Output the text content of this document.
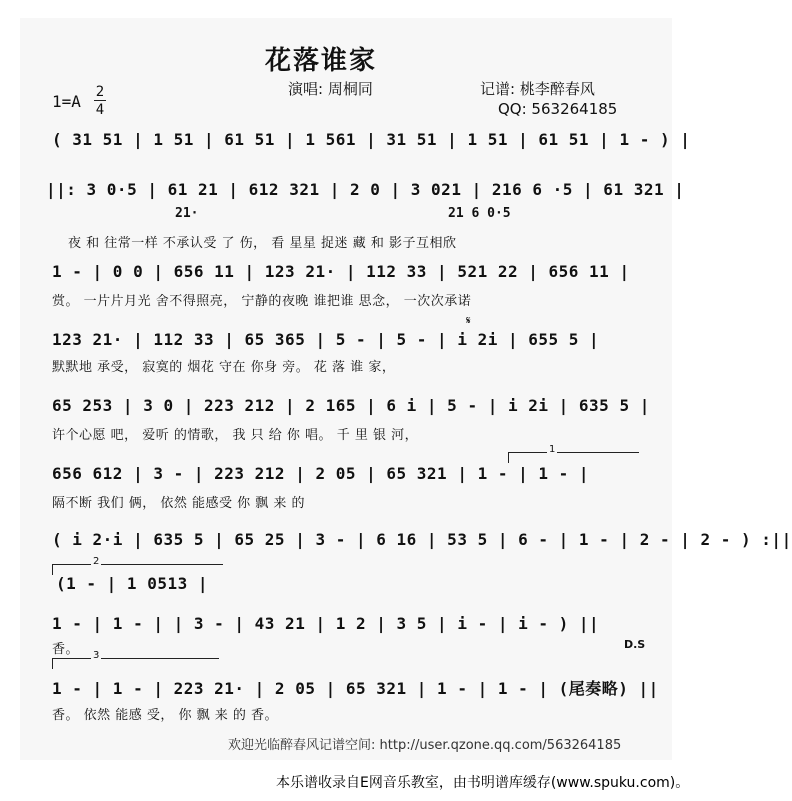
花落谁家
演唱: 周桐同	记谱: 桃李醉春风
QQ: 563264185
1=A 2
4
( 31 51 | 1 51 | 61 51 | 1 561 | 31 51 | 1 51 | 61 51 | 1 - ) |
||: 3 0·5 | 61 21 | 612 321 | 2 0 | 3 021 | 216 6 ·5 | 61 321 |
21·	21 6 0·5
夜 和 往常一样 不承认受 了 伤， 看 星星 捉迷 藏 和 影子互相欣
1 - | 0 0 | 656 11 | 123 21· | 112 33 | 521 22 | 656 11 |
赏。 一片片月光 舍不得照亮， 宁静的夜晚 谁把谁 思念， 一次次承诺
𝄋
123 21· | 112 33 | 65 365 | 5 - | 5 - | i 2i | 655 5 |
默默地 承受， 寂寞的 烟花 守在 你身 旁。 花 落 谁 家，
65 253 | 3 0 | 223 212 | 2 165 | 6 i | 5 - | i 2i | 635 5 |
许个心愿 吧， 爱听 的情歌， 我 只 给 你 唱。 千 里 银 河，
1
656 612 | 3 - | 223 212 | 2 05 | 65 321 | 1 - | 1 - |
隔不断 我们 俩， 依然 能感受 你 飘 来 的
( i 2·i | 635 5 | 65 25 | 3 - | 6 16 | 53 5 | 6 - | 1 - | 2 - | 2 - ) :||
2
(1 - | 1 0513 |
1 - | 1 - | | 3 - | 43 21 | 1 2 | 3 5 | i - | i - ) ||
香。	D.S
3
1 - | 1 - | 223 21· | 2 05 | 65 321 | 1 - | 1 - | (尾奏略) ||
香。 依然 能感 受， 你 飘 来 的 香。
欢迎光临醉春风记谱空间: http://user.qzone.qq.com/563264185
本乐谱收录自E网音乐教室，由书明谱库缓存(www.spuku.com)。
